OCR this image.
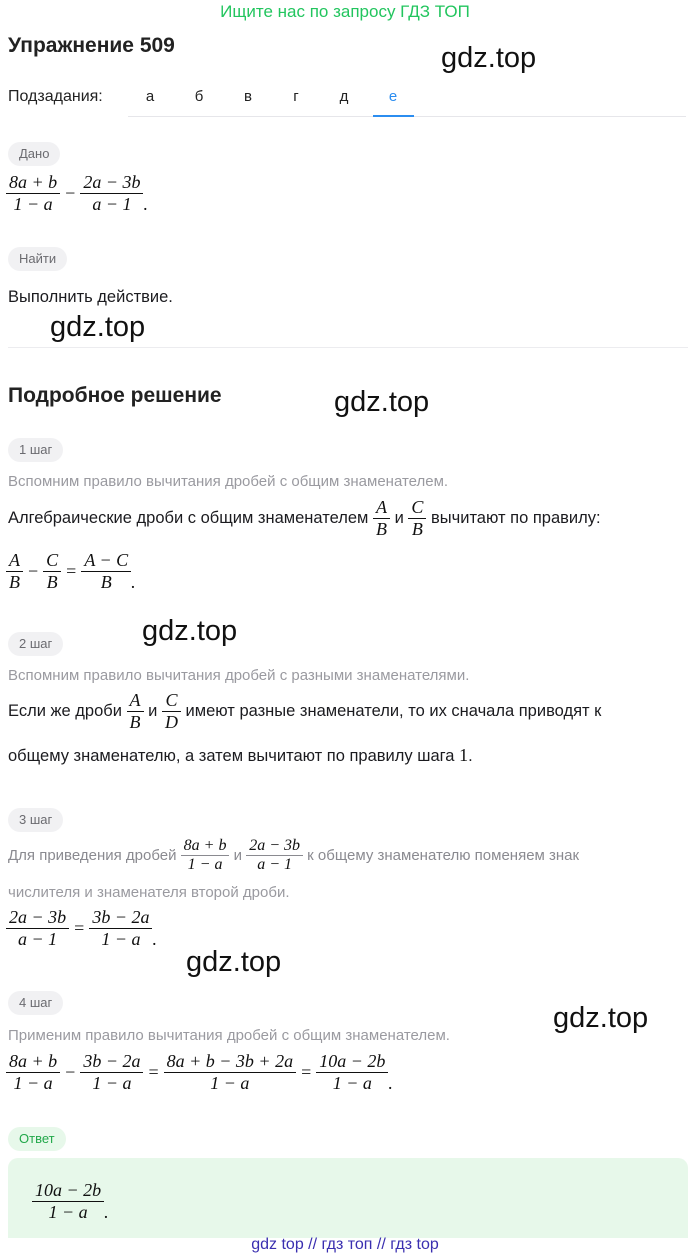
Ищите нас по запросу ГДЗ ТОП
Упражнение 509	gdz.top
gdz.top
gdz.top
gdz.top
gdz.top
gdz.top
Подзадания:	а	б	в	г	д	е
Дано
$\frac{8a + b}{1 - a} - \frac{2a - 3b}{a - 1}$ .
Найти
Выполнить действие.
Подробное решение
1 шаг
Вспомним правило вычитания дробей с общим знаменателем.
Алгебраические дроби с общим знаменателем $\frac{A}{B}$ и $\frac{C}{B}$ вычитают по правилу:
$\frac{A}{B} - \frac{C}{B} = \frac{A - C}{B}$ .
2 шаг
Вспомним правило вычитания дробей с разными знаменателями.
Если же дроби $\frac{A}{B}$ и $\frac{C}{D}$ имеют разные знаменатели, то их сначала приводят к
общему знаменателю, а затем вычитают по правилу шага 1.
3 шаг
Для приведения дробей $\frac{8a + b}{1 - a}$ и $\frac{2a - 3b}{a - 1}$ к общему знаменателю поменяем знак
числителя и знаменателя второй дроби.
$\frac{2a - 3b}{a - 1} = \frac{3b - 2a}{1 - a}$ .
4 шаг
Применим правило вычитания дробей с общим знаменателем.
$\frac{8a + b}{1 - a} - \frac{3b - 2a}{1 - a} = \frac{8a + b - 3b + 2a}{1 - a} = \frac{10a - 2b}{1 - a}$ .
Ответ
$\frac{10a - 2b}{1 - a}$ .
gdz top // гдз топ // гдз top
